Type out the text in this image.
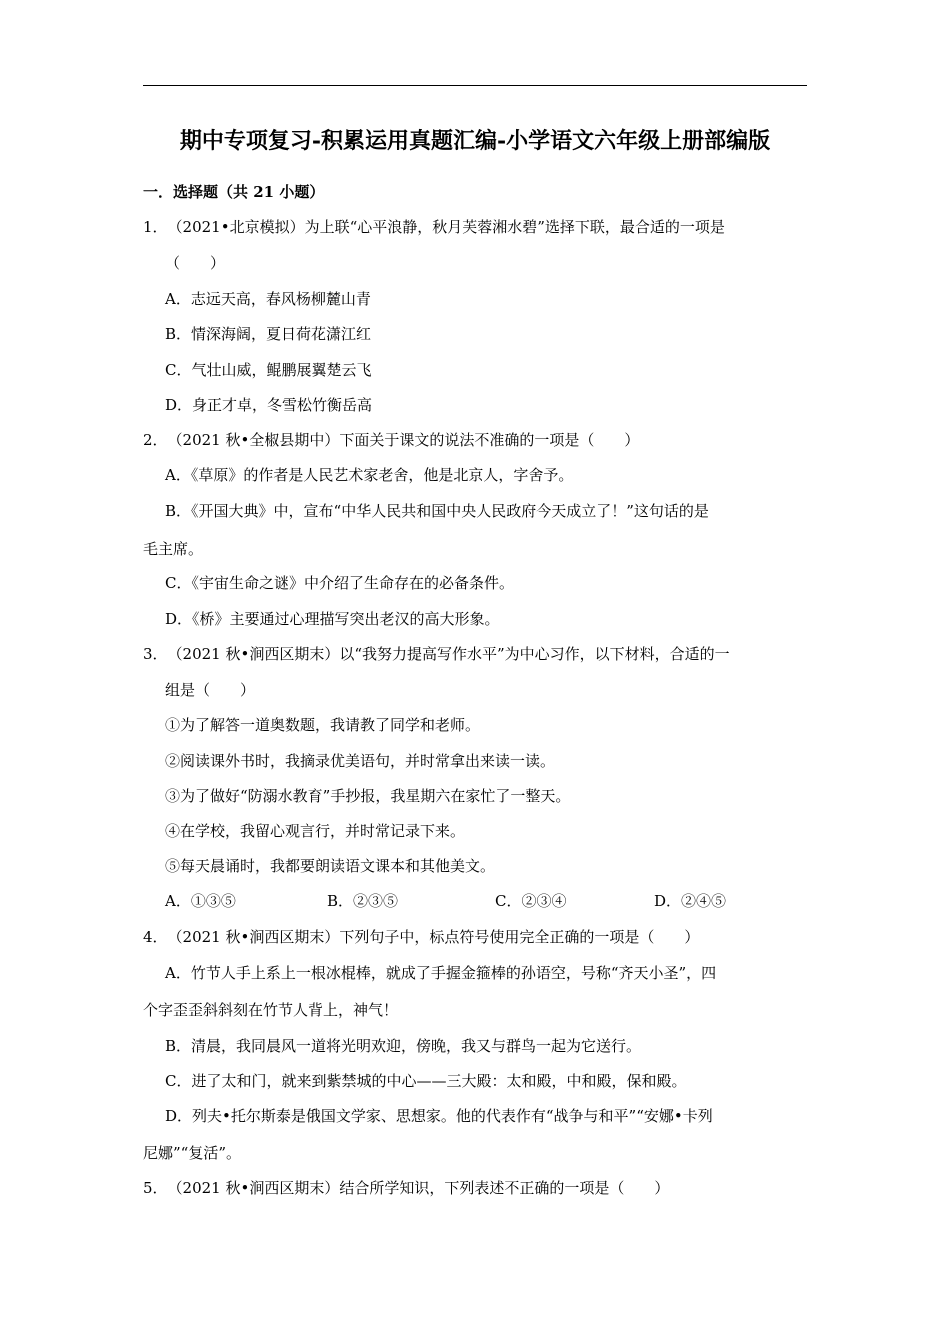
期中专项复习-积累运用真题汇编-小学语文六年级上册部编版
一．选择题（共 21 小题）
1．（2021•北京模拟）为上联“心平浪静，秋月芙蓉湘水碧”选择下联，最合适的一项是
（　　）
A．志远天高，春风杨柳麓山青
B．情深海阔，夏日荷花潇江红
C．气壮山威，鲲鹏展翼楚云飞
D．身正才卓，冬雪松竹衡岳高
2．（2021 秋•全椒县期中）下面关于课文的说法不准确的一项是（　　）
A．《草原》的作者是人民艺术家老舍，他是北京人，字舍予。
B．《开国大典》中，宣布“中华人民共和国中央人民政府今天成立了！”这句话的是
毛主席。
C．《宇宙生命之谜》中介绍了生命存在的必备条件。
D．《桥》主要通过心理描写突出老汉的高大形象。
3．（2021 秋•涧西区期末）以“我努力提高写作水平”为中心习作，以下材料，合适的一
组是（　　）
①为了解答一道奥数题，我请教了同学和老师。
②阅读课外书时，我摘录优美语句，并时常拿出来读一读。
③为了做好“防溺水教育”手抄报，我星期六在家忙了一整天。
④在学校，我留心观言行，并时常记录下来。
⑤每天晨诵时，我都要朗读语文课本和其他美文。
A．①③⑤	B．②③⑤	C．②③④	D．②④⑤
4．（2021 秋•涧西区期末）下列句子中，标点符号使用完全正确的一项是（　　）
A．竹节人手上系上一根冰棍棒，就成了手握金箍棒的孙语空，号称“齐天小圣”，四
个字歪歪斜斜刻在竹节人背上，神气！
B．清晨，我同晨风一道将光明欢迎，傍晚，我又与群鸟一起为它送行。
C．进了太和门，就来到紫禁城的中心——三大殿：太和殿，中和殿，保和殿。
D．列夫•托尔斯泰是俄国文学家、思想家。他的代表作有“战争与和平”“安娜•卡列
尼娜”“复活”。
5．（2021 秋•涧西区期末）结合所学知识，下列表述不正确的一项是（　　）
